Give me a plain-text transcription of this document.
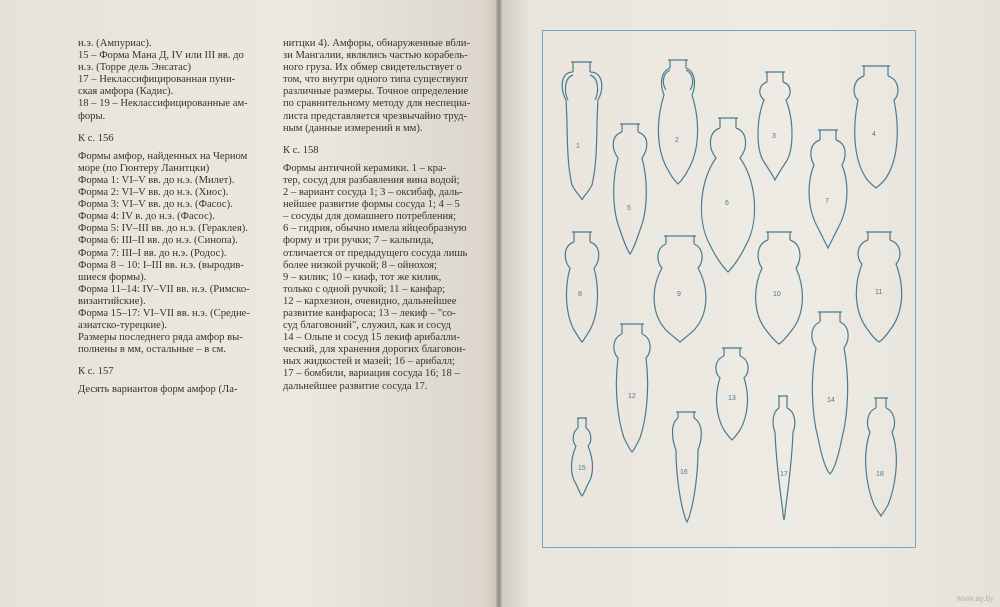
н.э. (Ампуриас).

15 – Форма Мана Д, IV или III вв. до

н.э. (Торре дель Энсатас)

17 – Неклассифицированная пуни-

ская амфора (Кадис).

18 – 19 – Неклассифицированные ам-

форы.

К с. 156

Формы амфор, найденных на Черном

море (по Гюнтеру Ланитцки)

Форма 1: VI–V вв. до н.э. (Милет).

Форма 2: VI–V вв. до н.э. (Хиос).

Форма 3: VI–V вв. до н.э. (Фасос).

Форма 4: IV в. до н.э. (Фасос).

Форма 5: IV–III вв. до н.э. (Гераклея).

Форма 6: III–II вв. до н.э. (Синопа).

Форма 7: III–I вв. до н.э. (Родос).

Форма 8 – 10: I–III вв. н.э. (выродив-

шиеся формы).

Форма 11–14: IV–VII вв. н.э. (Римско-

византийские).

Форма 15–17: VI–VII вв. н.э. (Средне-

азиатско-турецкие).

Размеры последнего ряда амфор вы-

полнены в мм, остальные – в см.

К с. 157

Десять вариантов форм амфор (Ла-

нитцки 4). Амфоры, обнаруженные вбли-

зи Мангалии, являлись частью корабель-

ного груза. Их обмер свидетельствует о

том, что внутри одного типа существуют

различные размеры. Точное определение

по сравнительному методу для неспециа-

листа представляется чрезвычайно труд-

ным (данные измерений в мм).

К с. 158

Формы античной керамики. 1 – кра-

тер, сосуд для разбавления вина водой;

2 – вариант сосуда 1; 3 – оксибаф, даль-

нейшее развитие формы сосуда 1; 4 – 5

– сосуды для домашнего потребления;

6 – гидрия, обычно имела яйцеобразную

форму и три ручки; 7 – кальпида,

отличается от предыдущего сосуда лишь

более низкой ручкой; 8 – ойнохоя;

9 – килик; 10 – киаф, тот же килик,

только с одной ручкой; 11 – канфар;

12 – кархезион, очевидно, дальнейшее

развитие канфароса; 13 – лекиф – "со-

суд благовоний", служил, как и сосуд

14 – Ольпе и сосуд 15 лекиф арибалли-

ческий, для хранения дорогих благовон-

ных жидкостей и мазей; 16 – арибалл;

17 – бомбили, вариация сосуда 16; 18 –

дальнейшее развитие сосуда 17.

1
2
3	4
5
6	7
8	9	10	11
12	13	14
15
16	17	18
www.ay.by
